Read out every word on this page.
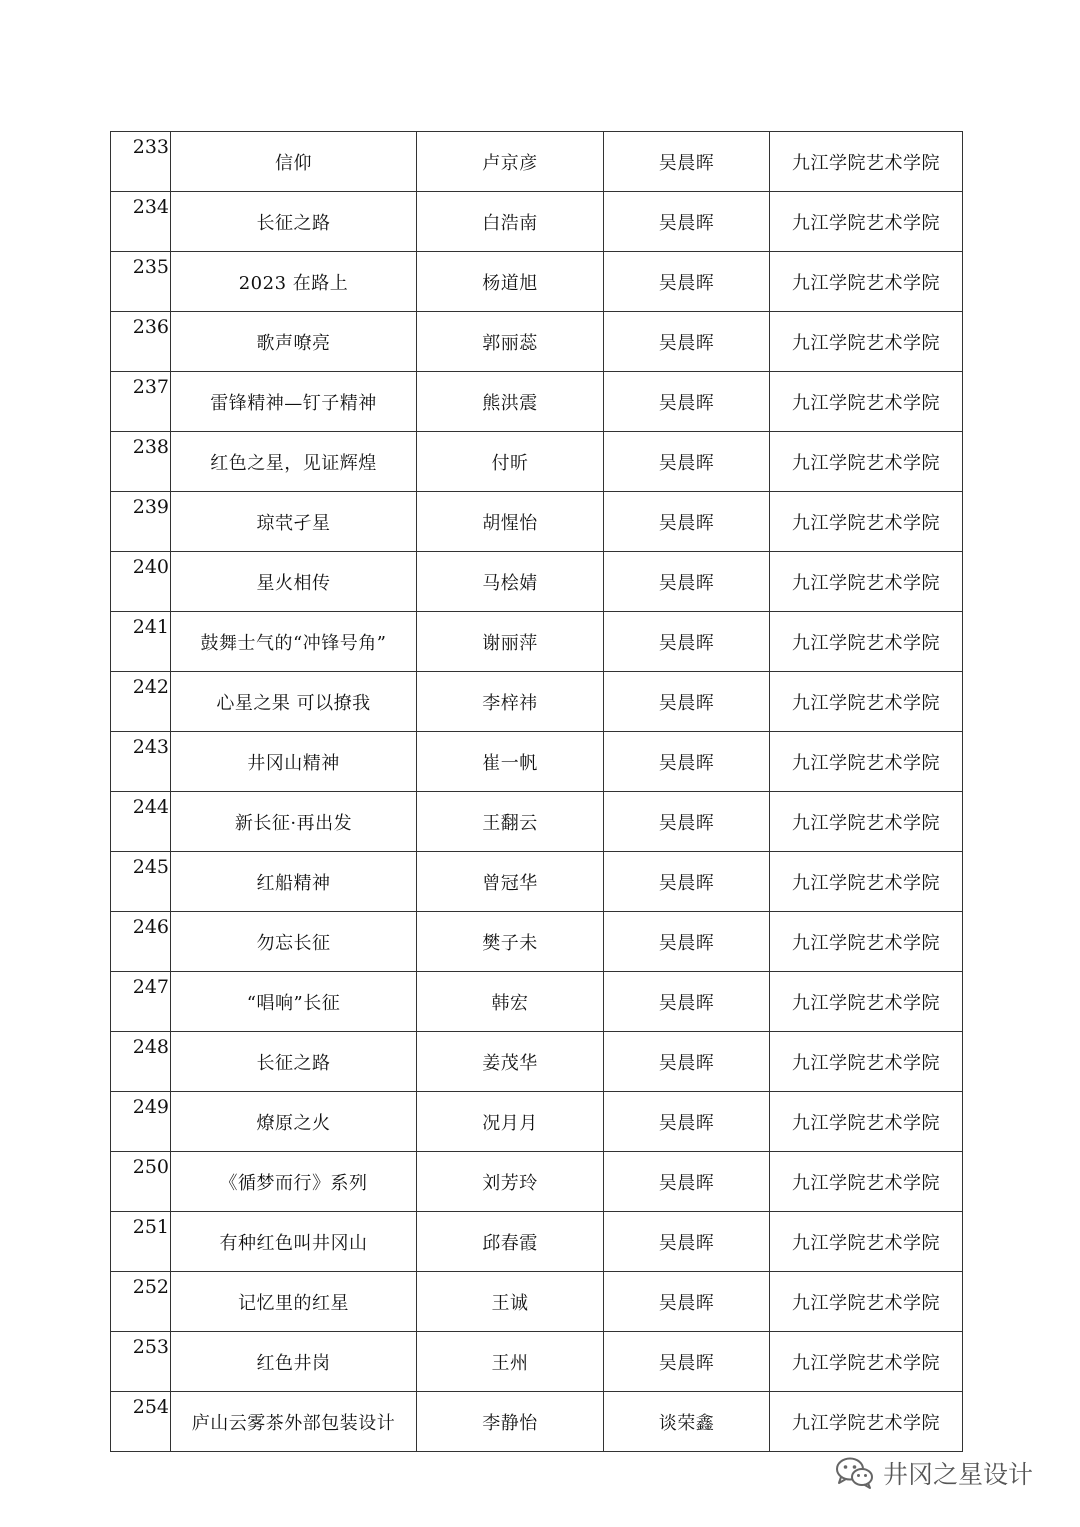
233	信仰	卢京彦	吴晨晖	九江学院艺术学院
234	长征之路	白浩南	吴晨晖	九江学院艺术学院
235	2023 在路上	杨道旭	吴晨晖	九江学院艺术学院
236	歌声嘹亮	郭丽蕊	吴晨晖	九江学院艺术学院
237	雷锋精神—钉子精神	熊洪震	吴晨晖	九江学院艺术学院
238	红色之星，见证辉煌	付昕	吴晨晖	九江学院艺术学院
239	琼茕孑星	胡惺怡	吴晨晖	九江学院艺术学院
240	星火相传	马桧婧	吴晨晖	九江学院艺术学院
241	鼓舞士气的“冲锋号角”	谢丽萍	吴晨晖	九江学院艺术学院
242	心星之果 可以撩我	李梓祎	吴晨晖	九江学院艺术学院
243	井冈山精神	崔一帆	吴晨晖	九江学院艺术学院
244	新长征·再出发	王翻云	吴晨晖	九江学院艺术学院
245	红船精神	曾冠华	吴晨晖	九江学院艺术学院
246	勿忘长征	樊子未	吴晨晖	九江学院艺术学院
247	“唱响”长征	韩宏	吴晨晖	九江学院艺术学院
248	长征之路	姜茂华	吴晨晖	九江学院艺术学院
249	燎原之火	况月月	吴晨晖	九江学院艺术学院
250	《循梦而行》系列	刘芳玲	吴晨晖	九江学院艺术学院
251	有种红色叫井冈山	邱春霞	吴晨晖	九江学院艺术学院
252	记忆里的红星	王诚	吴晨晖	九江学院艺术学院
253	红色井岗	王州	吴晨晖	九江学院艺术学院
254	庐山云雾茶外部包装设计	李静怡	谈荣鑫	九江学院艺术学院
井冈之星设计
